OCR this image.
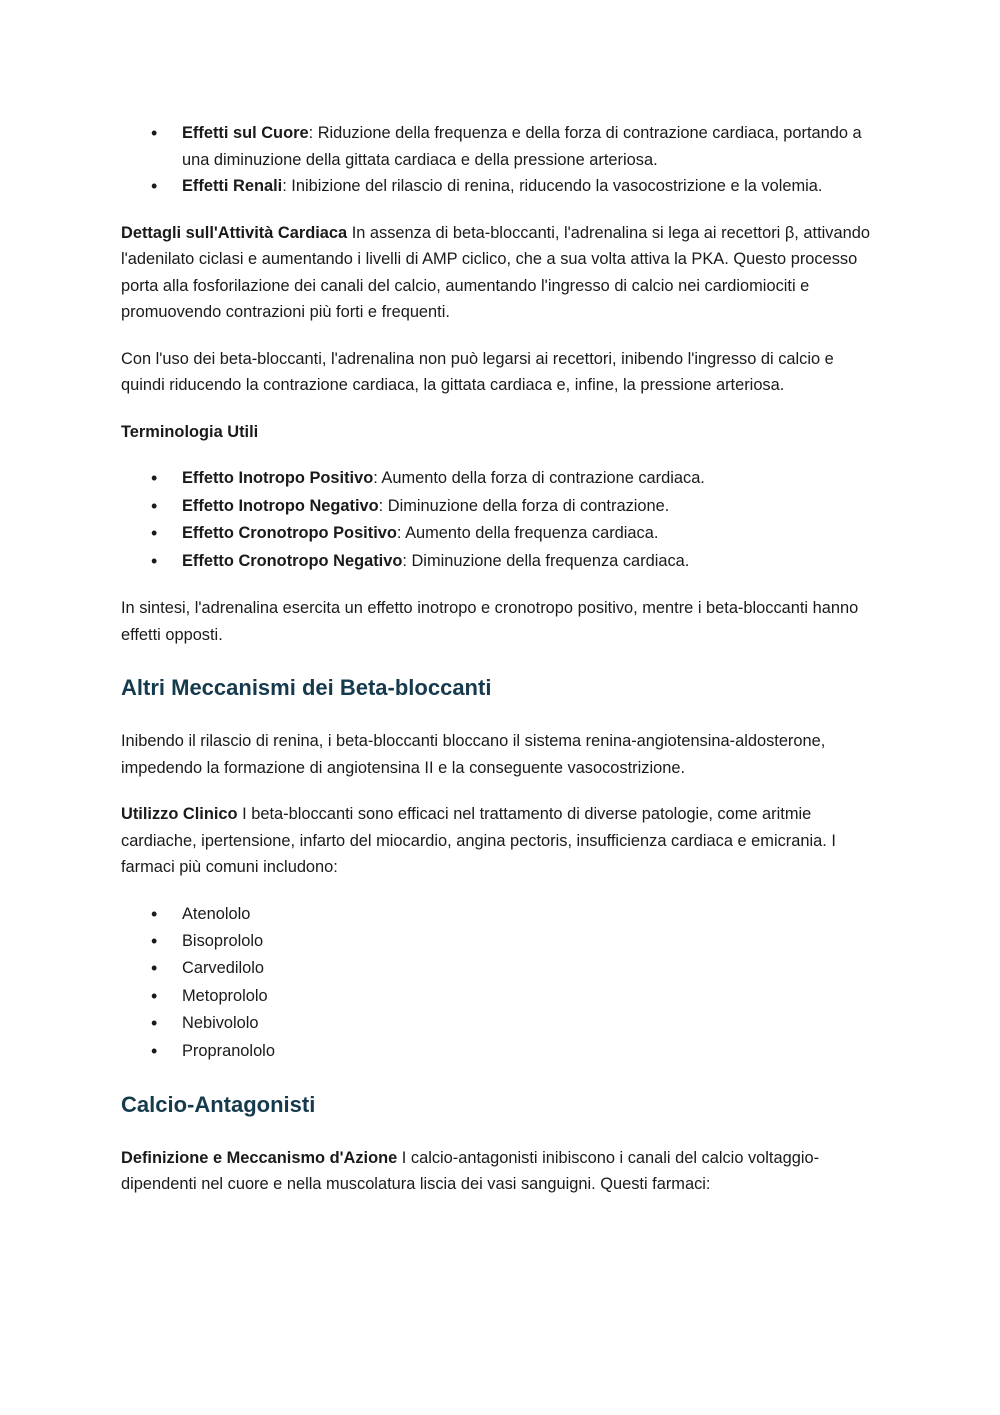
• Effetti sul Cuore: Riduzione della frequenza e della forza di contrazione cardiaca, portando a una diminuzione della gittata cardiaca e della pressione arteriosa.
• Effetti Renali: Inibizione del rilascio di renina, riducendo la vasocostrizione e la volemia.

Dettagli sull'Attività Cardiaca In assenza di beta-bloccanti, l'adrenalina si lega ai recettori β, attivando l'adenilato ciclasi e aumentando i livelli di AMP ciclico, che a sua volta attiva la PKA. Questo processo porta alla fosforilazione dei canali del calcio, aumentando l'ingresso di calcio nei cardiomiociti e promuovendo contrazioni più forti e frequenti.

Con l'uso dei beta-bloccanti, l'adrenalina non può legarsi ai recettori, inibendo l'ingresso di calcio e quindi riducendo la contrazione cardiaca, la gittata cardiaca e, infine, la pressione arteriosa.

Terminologia Utili

• Effetto Inotropo Positivo: Aumento della forza di contrazione cardiaca.
• Effetto Inotropo Negativo: Diminuzione della forza di contrazione.
• Effetto Cronotropo Positivo: Aumento della frequenza cardiaca.
• Effetto Cronotropo Negativo: Diminuzione della frequenza cardiaca.

In sintesi, l'adrenalina esercita un effetto inotropo e cronotropo positivo, mentre i beta-bloccanti hanno effetti opposti.

Altri Meccanismi dei Beta-bloccanti

Inibendo il rilascio di renina, i beta-bloccanti bloccano il sistema renina-angiotensina-aldosterone, impedendo la formazione di angiotensina II e la conseguente vasocostrizione.

Utilizzo Clinico I beta-bloccanti sono efficaci nel trattamento di diverse patologie, come aritmie cardiache, ipertensione, infarto del miocardio, angina pectoris, insufficienza cardiaca e emicrania. I farmaci più comuni includono:

• Atenololo
• Bisoprololo
• Carvedilolo
• Metoprololo
• Nebivololo
• Propranololo
Calcio-Antagonisti

Definizione e Meccanismo d'Azione I calcio-antagonisti inibiscono i canali del calcio voltaggio-dipendenti nel cuore e nella muscolatura liscia dei vasi sanguigni. Questi farmaci:
